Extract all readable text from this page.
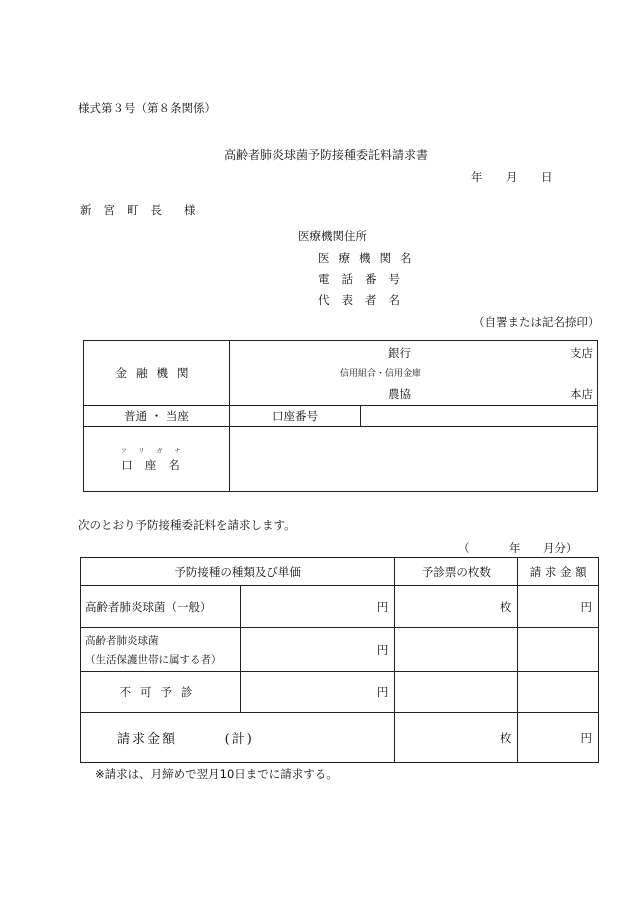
様式第３号（第８条関係）
高齢者肺炎球菌予防接種委託料請求書
年 月 日
新宮町長 様
医療機関住所
医療機関名
電話番号
代表者名
（自署または記名捺印）
金融機関	銀行 支店
信用組合・信用金庫
農協 本店	

普通 ・ 当座	口座番号	

フリガナ
口座名		

次のとおり予防接種委託料を請求します。
（	年 月分）
予防接種の種類及び単価		予診票の枚数	請 求 金 額
高齢者肺炎球菌（一般）	円	枚	円

高齢者肺炎球菌
（生活保護世帯に属する者）	円		
不可予診	円		
請求金額 (計)		枚	円
※請求は、月締めで翌月10日までに請求する。
